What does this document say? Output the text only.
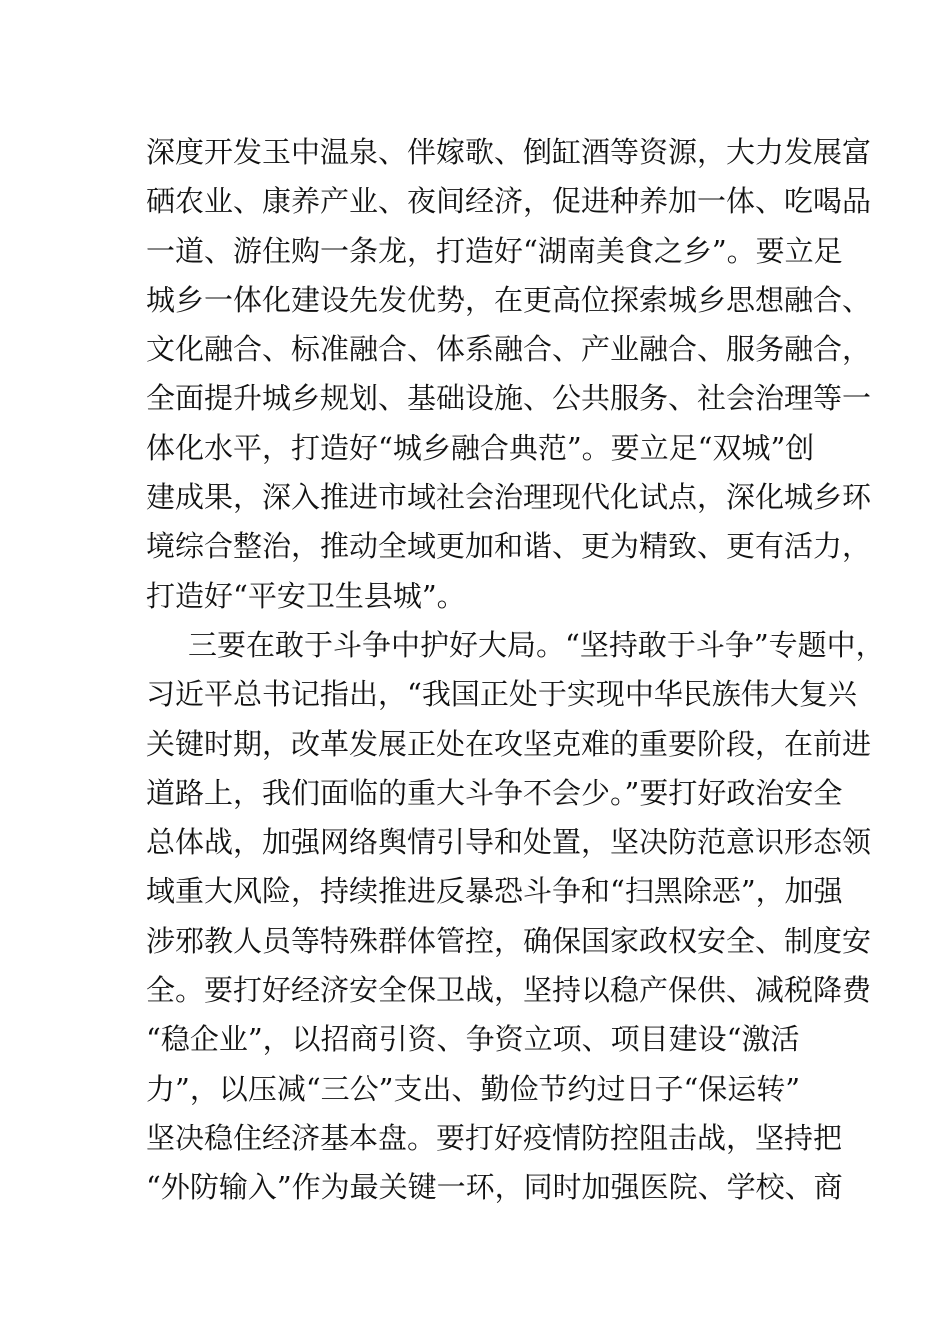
深度开发玉中温泉、伴嫁歌、倒缸酒等资源，大力发展富
硒农业、康养产业、夜间经济，促进种养加一体、吃喝品
一道、游住购一条龙，打造好“湖南美食之乡”。要立足
城乡一体化建设先发优势，在更高位探索城乡思想融合、
文化融合、标准融合、体系融合、产业融合、服务融合，
全面提升城乡规划、基础设施、公共服务、社会治理等一
体化水平，打造好“城乡融合典范”。要立足“双城”创
建成果，深入推进市域社会治理现代化试点，深化城乡环
境综合整治，推动全域更加和谐、更为精致、更有活力，
打造好“平安卫生县城”。
三要在敢于斗争中护好大局。“坚持敢于斗争”专题中，
习近平总书记指出，“我国正处于实现中华民族伟大复兴
关键时期，改革发展正处在攻坚克难的重要阶段，在前进
道路上，我们面临的重大斗争不会少。”要打好政治安全
总体战，加强网络舆情引导和处置，坚决防范意识形态领
域重大风险，持续推进反暴恐斗争和“扫黑除恶”，加强
涉邪教人员等特殊群体管控，确保国家政权安全、制度安
全。要打好经济安全保卫战，坚持以稳产保供、减税降费
“稳企业”，以招商引资、争资立项、项目建设“激活
力”，以压减“三公”支出、勤俭节约过日子“保运转”
坚决稳住经济基本盘。要打好疫情防控阻击战，坚持把
“外防输入”作为最关键一环，同时加强医院、学校、商
